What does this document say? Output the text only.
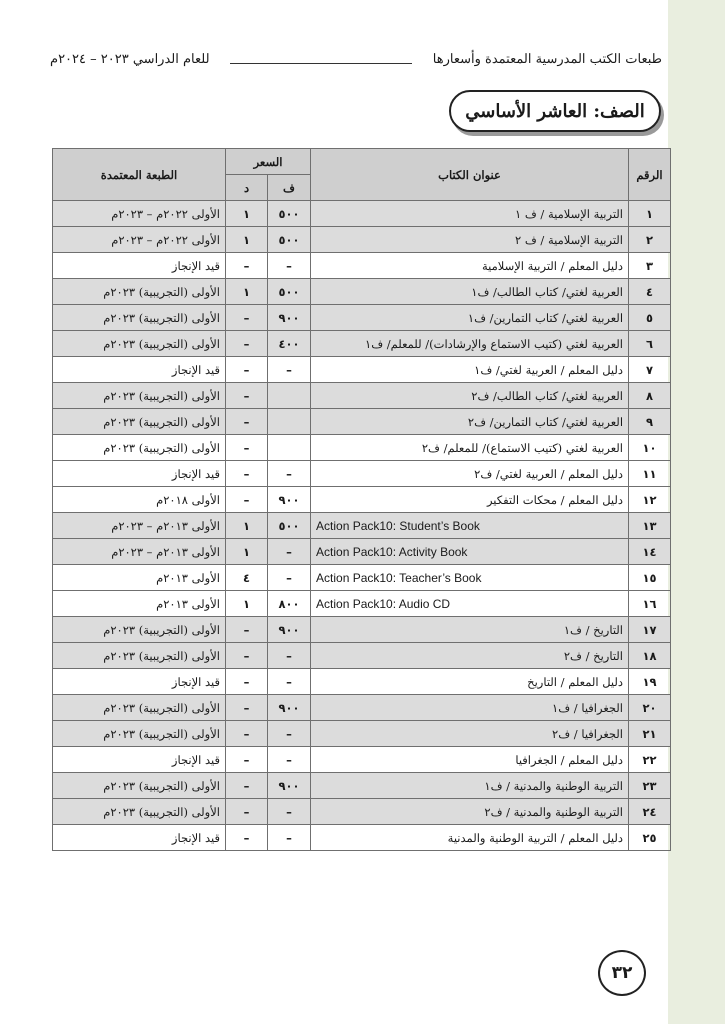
طبعات الكتب المدرسية المعتمدة وأسعارها
للعام الدراسي ٢٠٢٣ – ٢٠٢٤م
الصف: العاشر الأساسي
الرقم	عنوان الكتاب	السعر		الطبعة المعتمدة
		ف	د	
١	التربية الإسلامية / ف ١	٥٠٠	١	الأولى ٢٠٢٢م – ٢٠٢٣م
٢	التربية الإسلامية / ف ٢	٥٠٠	١	الأولى ٢٠٢٢م – ٢٠٢٣م
٣	دليل المعلم / التربية الإسلامية	–	–	قيد الإنجاز
٤	العربية لغتي/ كتاب الطالب/ ف١	٥٠٠	١	الأولى (التجريبية) ٢٠٢٣م
٥	العربية لغتي/ كتاب التمارين/ ف١	٩٠٠	–	الأولى (التجريبية) ٢٠٢٣م
٦	العربية لغتي (كتيب الاستماع والإرشادات)/ للمعلم/ ف١	٤٠٠	–	الأولى (التجريبية) ٢٠٢٣م
٧	دليل المعلم / العربية لغتي/ ف١	–	–	قيد الإنجاز
٨	العربية لغتي/ كتاب الطالب/ ف٢		–	الأولى (التجريبية) ٢٠٢٣م
٩	العربية لغتي/ كتاب التمارين/ ف٢		–	الأولى (التجريبية) ٢٠٢٣م
١٠	العربية لغتي (كتيب الاستماع)/ للمعلم/ ف٢		–	الأولى (التجريبية) ٢٠٢٣م
١١	دليل المعلم / العربية لغتي/ ف٢	–	–	قيد الإنجاز
١٢	دليل المعلم / محكات التفكير	٩٠٠	–	الأولى ٢٠١٨م
١٣	Action Pack10: Student’s Book	٥٠٠	١	الأولى ٢٠١٣م – ٢٠٢٣م
١٤	Action Pack10: Activity Book	–	١	الأولى ٢٠١٣م – ٢٠٢٣م
١٥	Action Pack10: Teacher’s Book	–	٤	الأولى ٢٠١٣م
١٦	Action Pack10: Audio CD	٨٠٠	١	الأولى ٢٠١٣م
١٧	التاريخ / ف١	٩٠٠	–	الأولى (التجريبية) ٢٠٢٣م
١٨	التاريخ / ف٢	–	–	الأولى (التجريبية) ٢٠٢٣م
١٩	دليل المعلم / التاريخ	–	–	قيد الإنجاز
٢٠	الجغرافيا / ف١	٩٠٠	–	الأولى (التجريبية) ٢٠٢٣م
٢١	الجغرافيا / ف٢	–	–	الأولى (التجريبية) ٢٠٢٣م
٢٢	دليل المعلم / الجغرافيا	–	–	قيد الإنجاز
٢٣	التربية الوطنية والمدنية / ف١	٩٠٠	–	الأولى (التجريبية) ٢٠٢٣م
٢٤	التربية الوطنية والمدنية / ف٢	–	–	الأولى (التجريبية) ٢٠٢٣م
٢٥	دليل المعلم / التربية الوطنية والمدنية	–	–	قيد الإنجاز
٣٢
